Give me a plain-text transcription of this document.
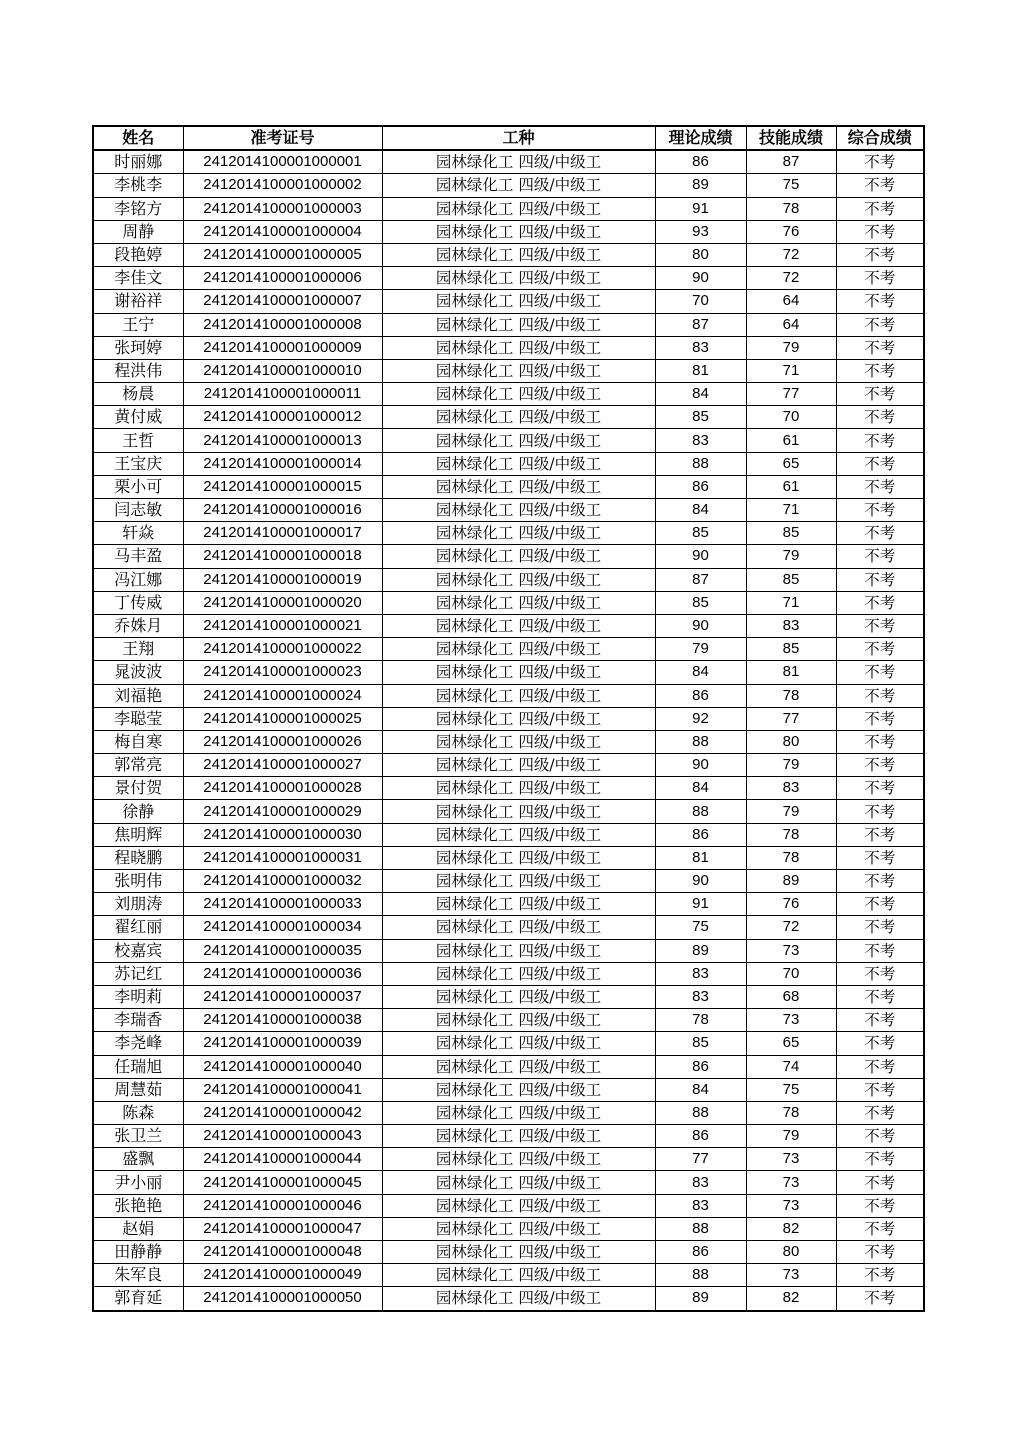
姓名	准考证号	工种	理论成绩	技能成绩	综合成绩
时丽娜	2412014100001000001	园林绿化工 四级/中级工	86	87	不考
李桃李	2412014100001000002	园林绿化工 四级/中级工	89	75	不考
李铭方	2412014100001000003	园林绿化工 四级/中级工	91	78	不考
周静	2412014100001000004	园林绿化工 四级/中级工	93	76	不考
段艳婷	2412014100001000005	园林绿化工 四级/中级工	80	72	不考
李佳文	2412014100001000006	园林绿化工 四级/中级工	90	72	不考
谢裕祥	2412014100001000007	园林绿化工 四级/中级工	70	64	不考
王宁	2412014100001000008	园林绿化工 四级/中级工	87	64	不考
张珂婷	2412014100001000009	园林绿化工 四级/中级工	83	79	不考
程洪伟	2412014100001000010	园林绿化工 四级/中级工	81	71	不考
杨晨	2412014100001000011	园林绿化工 四级/中级工	84	77	不考
黄付威	2412014100001000012	园林绿化工 四级/中级工	85	70	不考
王哲	2412014100001000013	园林绿化工 四级/中级工	83	61	不考
王宝庆	2412014100001000014	园林绿化工 四级/中级工	88	65	不考
栗小可	2412014100001000015	园林绿化工 四级/中级工	86	61	不考
闫志敏	2412014100001000016	园林绿化工 四级/中级工	84	71	不考
轩焱	2412014100001000017	园林绿化工 四级/中级工	85	85	不考
马丰盈	2412014100001000018	园林绿化工 四级/中级工	90	79	不考
冯江娜	2412014100001000019	园林绿化工 四级/中级工	87	85	不考
丁传威	2412014100001000020	园林绿化工 四级/中级工	85	71	不考
乔姝月	2412014100001000021	园林绿化工 四级/中级工	90	83	不考
王翔	2412014100001000022	园林绿化工 四级/中级工	79	85	不考
晁波波	2412014100001000023	园林绿化工 四级/中级工	84	81	不考
刘福艳	2412014100001000024	园林绿化工 四级/中级工	86	78	不考
李聪莹	2412014100001000025	园林绿化工 四级/中级工	92	77	不考
梅自寒	2412014100001000026	园林绿化工 四级/中级工	88	80	不考
郭常亮	2412014100001000027	园林绿化工 四级/中级工	90	79	不考
景付贺	2412014100001000028	园林绿化工 四级/中级工	84	83	不考
徐静	2412014100001000029	园林绿化工 四级/中级工	88	79	不考
焦明辉	2412014100001000030	园林绿化工 四级/中级工	86	78	不考
程晓鹏	2412014100001000031	园林绿化工 四级/中级工	81	78	不考
张明伟	2412014100001000032	园林绿化工 四级/中级工	90	89	不考
刘朋涛	2412014100001000033	园林绿化工 四级/中级工	91	76	不考
翟红丽	2412014100001000034	园林绿化工 四级/中级工	75	72	不考
校嘉宾	2412014100001000035	园林绿化工 四级/中级工	89	73	不考
苏记红	2412014100001000036	园林绿化工 四级/中级工	83	70	不考
李明莉	2412014100001000037	园林绿化工 四级/中级工	83	68	不考
李瑞香	2412014100001000038	园林绿化工 四级/中级工	78	73	不考
李尧峰	2412014100001000039	园林绿化工 四级/中级工	85	65	不考
任瑞旭	2412014100001000040	园林绿化工 四级/中级工	86	74	不考
周慧茹	2412014100001000041	园林绿化工 四级/中级工	84	75	不考
陈森	2412014100001000042	园林绿化工 四级/中级工	88	78	不考
张卫兰	2412014100001000043	园林绿化工 四级/中级工	86	79	不考
盛飘	2412014100001000044	园林绿化工 四级/中级工	77	73	不考
尹小丽	2412014100001000045	园林绿化工 四级/中级工	83	73	不考
张艳艳	2412014100001000046	园林绿化工 四级/中级工	83	73	不考
赵娟	2412014100001000047	园林绿化工 四级/中级工	88	82	不考
田静静	2412014100001000048	园林绿化工 四级/中级工	86	80	不考
朱军良	2412014100001000049	园林绿化工 四级/中级工	88	73	不考
郭育延	2412014100001000050	园林绿化工 四级/中级工	89	82	不考
